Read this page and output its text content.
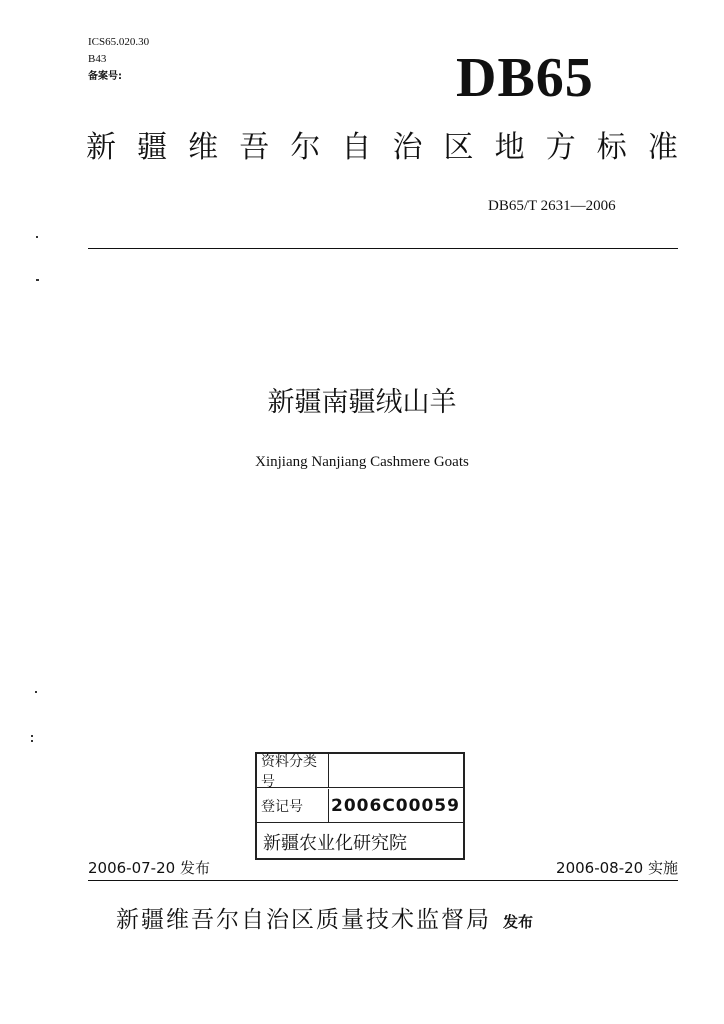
ICS65.020.30
B43
备案号:	DB65
新 疆 维 吾 尔 自 治 区 地 方 标 准
DB65/T 2631—2006
新疆南疆绒山羊
Xinjiang Nanjiang Cashmere Goats
资料分类号
登记号	2006C00059
新疆农业化研究院
2006-07-20 发布	2006-08-20 实施
新疆维吾尔自治区质量技术监督局 发布
